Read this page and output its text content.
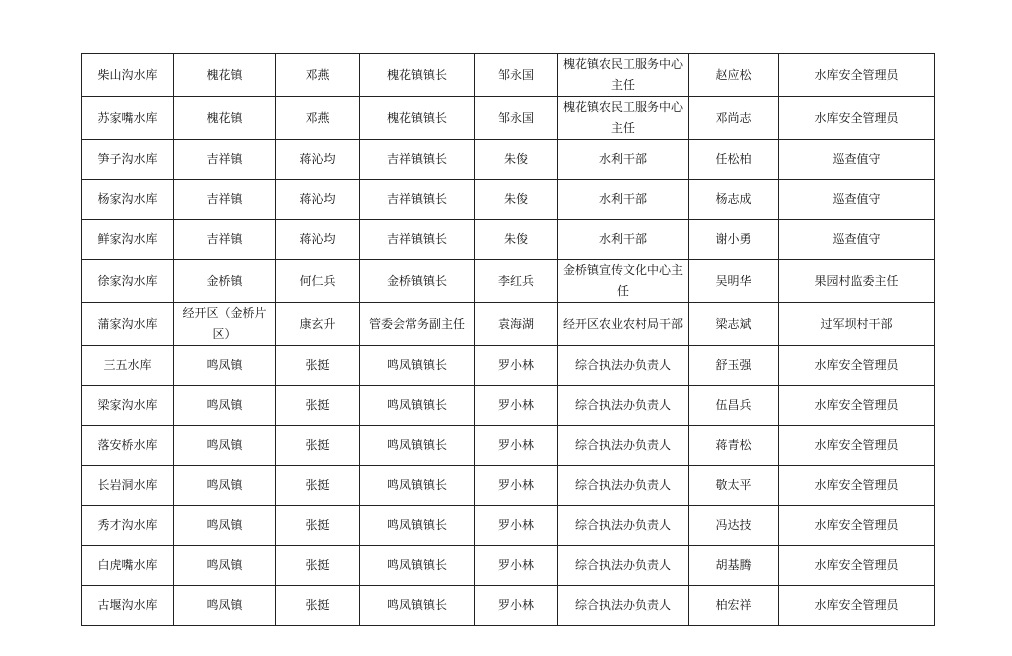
柴山沟水库	槐花镇	邓燕	槐花镇镇长	邹永国	槐花镇农民工服务中心主任	赵应松	水库安全管理员
苏家嘴水库	槐花镇	邓燕	槐花镇镇长	邹永国	槐花镇农民工服务中心主任	邓尚志	水库安全管理员
笋子沟水库	吉祥镇	蒋沁均	吉祥镇镇长	朱俊	水利干部	任松柏	巡查值守
杨家沟水库	吉祥镇	蒋沁均	吉祥镇镇长	朱俊	水利干部	杨志成	巡查值守
鲜家沟水库	吉祥镇	蒋沁均	吉祥镇镇长	朱俊	水利干部	谢小勇	巡查值守
徐家沟水库	金桥镇	何仁兵	金桥镇镇长	李红兵	金桥镇宣传文化中心主任	吴明华	果园村监委主任
蒲家沟水库	经开区（金桥片区）	康玄升	管委会常务副主任	袁海湖	经开区农业农村局干部	梁志斌	过军坝村干部
三五水库	鸣凤镇	张挺	鸣凤镇镇长	罗小林	综合执法办负责人	舒玉强	水库安全管理员
梁家沟水库	鸣凤镇	张挺	鸣凤镇镇长	罗小林	综合执法办负责人	伍昌兵	水库安全管理员
落安桥水库	鸣凤镇	张挺	鸣凤镇镇长	罗小林	综合执法办负责人	蒋青松	水库安全管理员
长岩洞水库	鸣凤镇	张挺	鸣凤镇镇长	罗小林	综合执法办负责人	敬太平	水库安全管理员
秀才沟水库	鸣凤镇	张挺	鸣凤镇镇长	罗小林	综合执法办负责人	冯达技	水库安全管理员
白虎嘴水库	鸣凤镇	张挺	鸣凤镇镇长	罗小林	综合执法办负责人	胡基腾	水库安全管理员
古堰沟水库	鸣凤镇	张挺	鸣凤镇镇长	罗小林	综合执法办负责人	柏宏祥	水库安全管理员
